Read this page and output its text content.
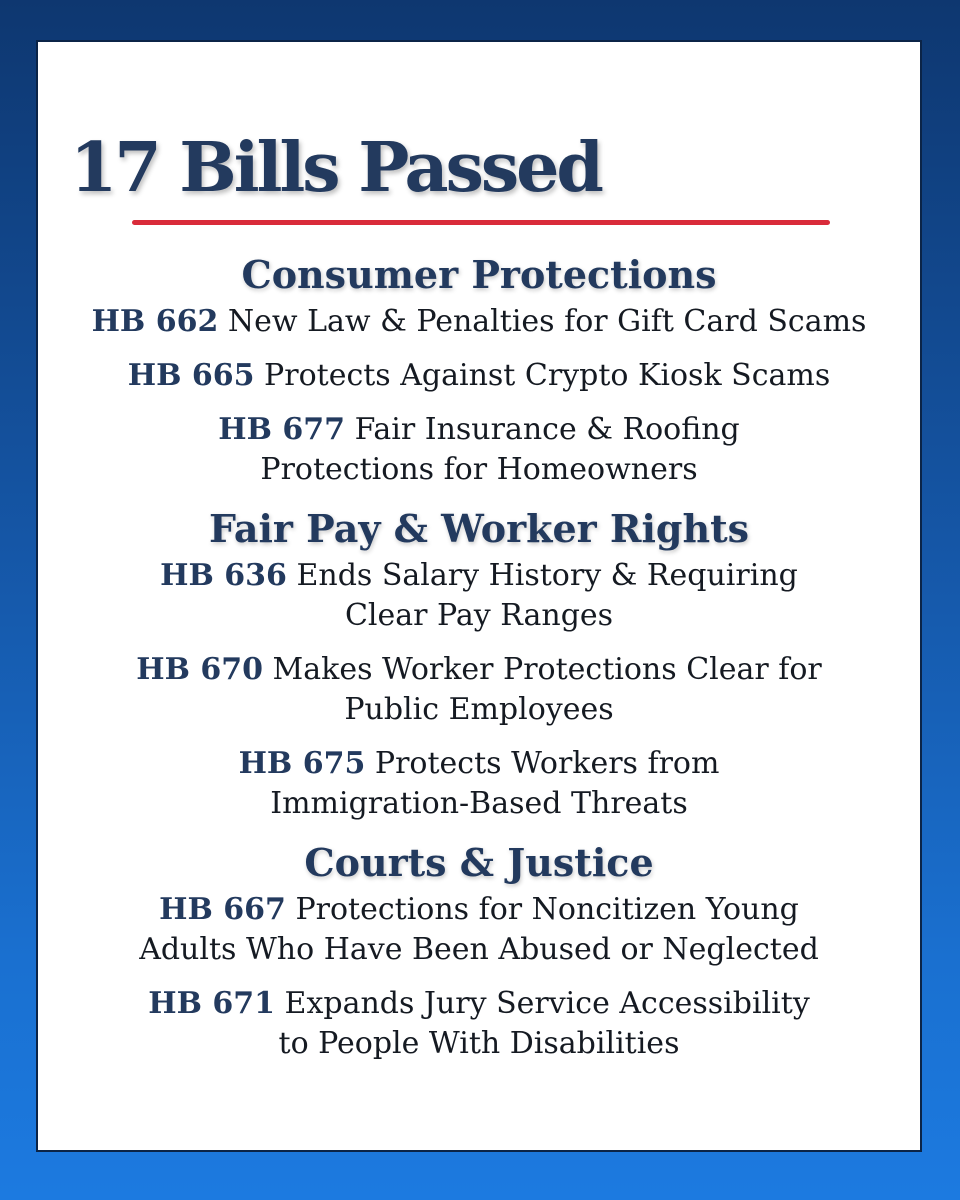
17 Bills Passed
Consumer Protections

HB 662 New Law & Penalties for Gift Card Scams

HB 665 Protects Against Crypto Kiosk Scams

HB 677 Fair Insurance & Roofing
Protections for Homeowners

Fair Pay & Worker Rights

HB 636 Ends Salary History & Requiring
Clear Pay Ranges

HB 670 Makes Worker Protections Clear for
Public Employees

HB 675 Protects Workers from
Immigration-Based Threats

Courts & Justice

HB 667 Protections for Noncitizen Young
Adults Who Have Been Abused or Neglected

HB 671 Expands Jury Service Accessibility
to People With Disabilities
